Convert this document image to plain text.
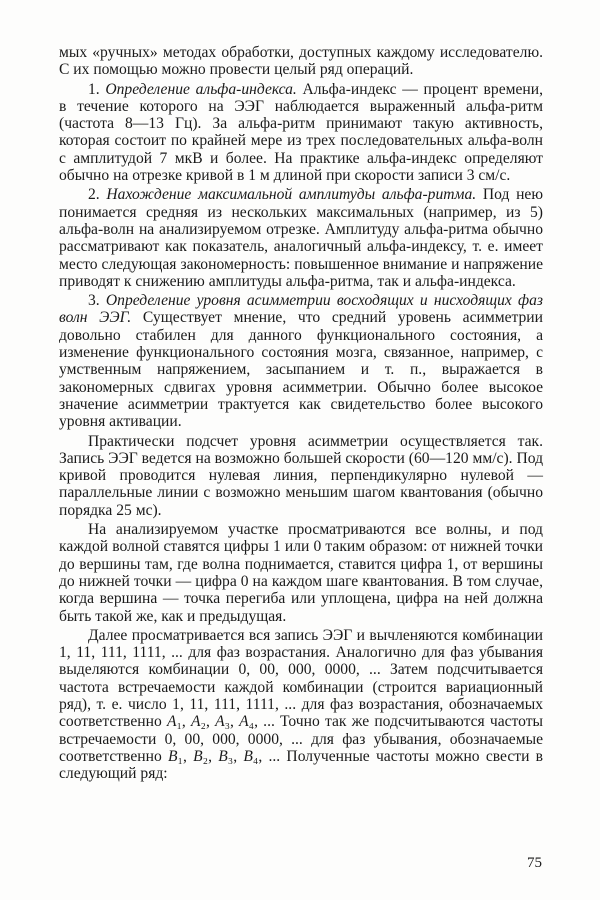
мых «ручных» методах обработки, доступных каждому исследователю. С их помощью можно провести целый ряд операций.

1. Определение альфа-индекса. Альфа-индекс — процент времени, в течение которого на ЭЭГ наблюдается выраженный альфа-ритм (частота 8—13 Гц). За альфа-ритм принимают такую активность, которая состоит по крайней мере из трех последовательных альфа-волн с амплитудой 7 мкВ и более. На практике альфа-индекс определяют обычно на отрезке кривой в 1 м длиной при скорости записи 3 см/с.

2. Нахождение максимальной амплитуды альфа-ритма. Под нею понимается средняя из нескольких максимальных (например, из 5) альфа-волн на анализируемом отрезке. Амплитуду альфа-ритма обычно рассматривают как показатель, аналогичный альфа-индексу, т. е. имеет место следующая закономерность: повышенное внимание и напряжение приводят к снижению амплитуды альфа-ритма, так и альфа-индекса.

3. Определение уровня асимметрии восходящих и нисходящих фаз волн ЭЭГ. Существует мнение, что средний уровень асимметрии довольно стабилен для данного функционального состояния, а изменение функционального состояния мозга, связанное, например, с умственным напряжением, засыпанием и т. п., выражается в закономерных сдвигах уровня асимметрии. Обычно более высокое значение асимметрии трактуется как свидетельство более высокого уровня активации.

Практически подсчет уровня асимметрии осуществляется так. Запись ЭЭГ ведется на возможно большей скорости (60—120 мм/с). Под кривой проводится нулевая линия, перпендикулярно нулевой — параллельные линии с возможно меньшим шагом квантования (обычно порядка 25 мс).

На анализируемом участке просматриваются все волны, и под каждой волной ставятся цифры 1 или 0 таким образом: от нижней точки до вершины там, где волна поднимается, ставится цифра 1, от вершины до нижней точки — цифра 0 на каждом шаге квантования. В том случае, когда вершина — точка перегиба или уплощена, цифра на ней должна быть такой же, как и предыдущая.

Далее просматривается вся запись ЭЭГ и вычленяются комбинации 1, 11, 111, 1111, ... для фаз возрастания. Аналогично для фаз убывания выделяются комбинации 0, 00, 000, 0000, ... Затем подсчитывается частота встречаемости каждой комбинации (строится вариационный ряд), т. е. число 1, 11, 111, 1111, ... для фаз возрастания, обозначаемых соответственно A₁, A₂, A₃, A₄, ... Точно так же подсчитываются частоты встречаемости 0, 00, 000, 0000, ... для фаз убывания, обозначаемые соответственно B₁, B₂, B₃, B₄, ... Полученные частоты можно свести в следующий ряд:

75
